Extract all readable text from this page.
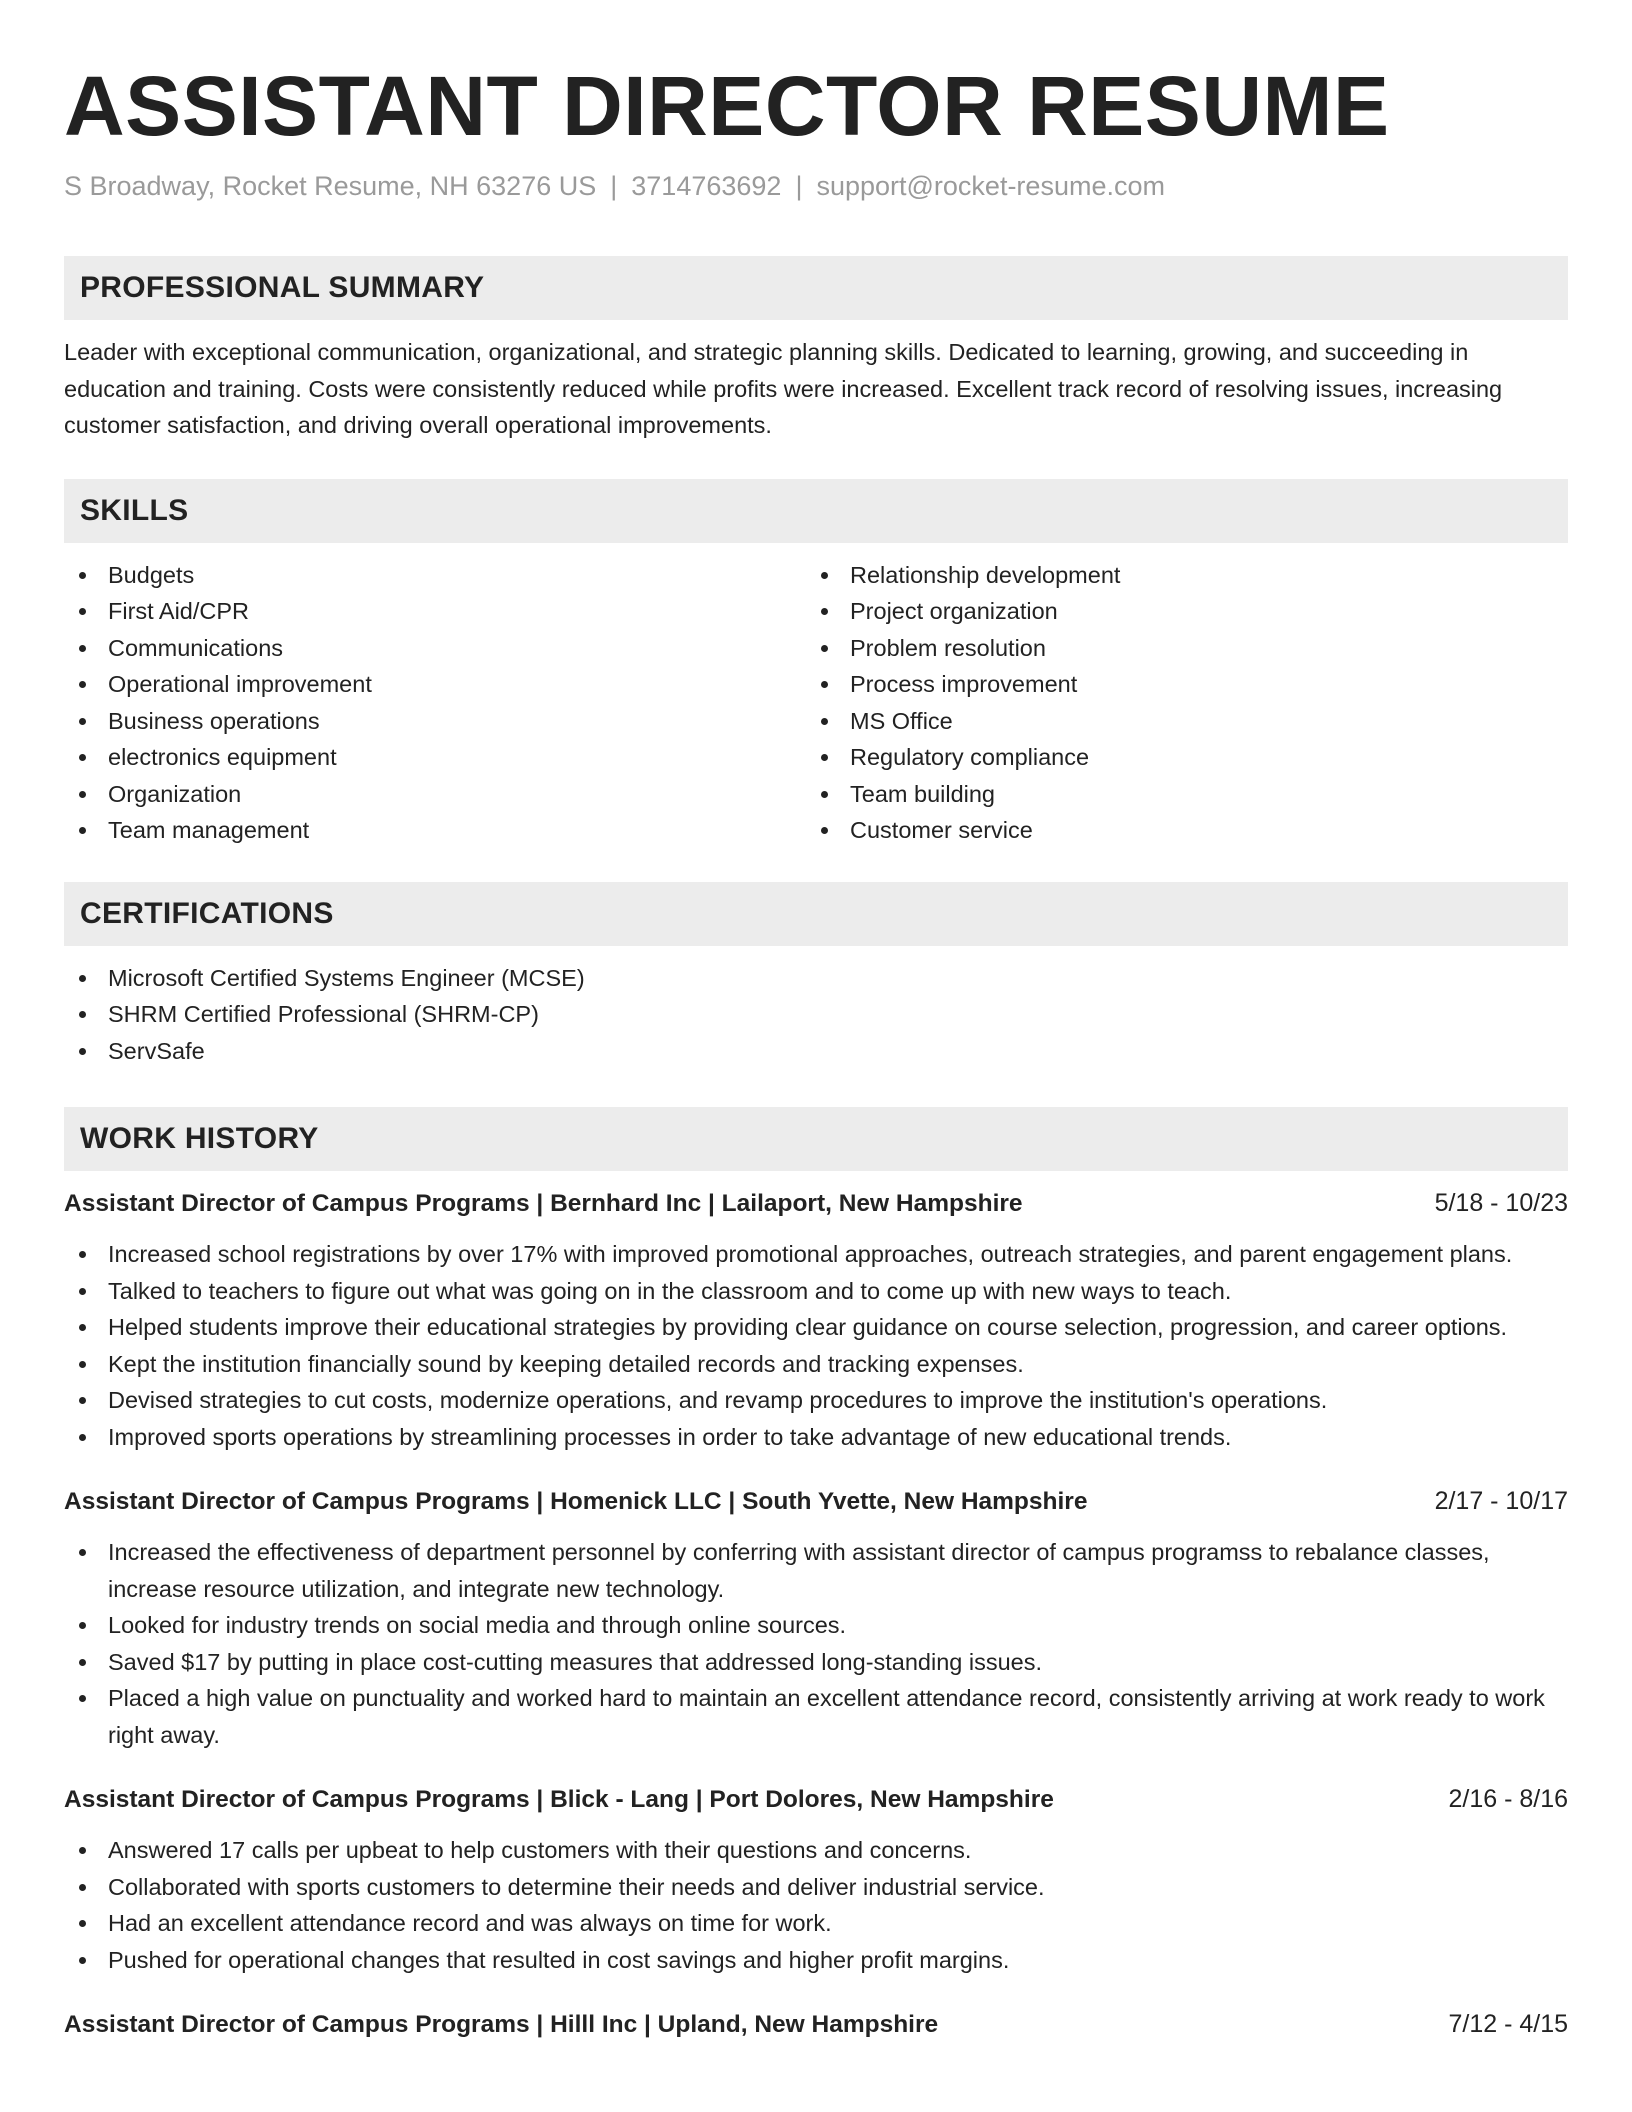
ASSISTANT DIRECTOR RESUME
S Broadway, Rocket Resume, NH 63276 US | 3714763692 | support@rocket-resume.com
PROFESSIONAL SUMMARY

Leader with exceptional communication, organizational, and strategic planning skills. Dedicated to learning, growing, and succeeding in education and training. Costs were consistently reduced while profits were increased. Excellent track record of resolving issues, increasing customer satisfaction, and driving overall operational improvements.

SKILLS
Budgets
First Aid/CPR
Communications
Operational improvement
Business operations
electronics equipment
Organization
Team management
Relationship development
Project organization
Problem resolution
Process improvement
MS Office
Regulatory compliance
Team building
Customer service
CERTIFICATIONS
Microsoft Certified Systems Engineer (MCSE)
SHRM Certified Professional (SHRM-CP)
ServSafe
WORK HISTORY
Assistant Director of Campus Programs | Bernhard Inc | Lailaport, New Hampshire	5/18 - 10/23
Increased school registrations by over 17% with improved promotional approaches, outreach strategies, and parent engagement plans.
Talked to teachers to figure out what was going on in the classroom and to come up with new ways to teach.
Helped students improve their educational strategies by providing clear guidance on course selection, progression, and career options.
Kept the institution financially sound by keeping detailed records and tracking expenses.
Devised strategies to cut costs, modernize operations, and revamp procedures to improve the institution's operations.
Improved sports operations by streamlining processes in order to take advantage of new educational trends.
Assistant Director of Campus Programs | Homenick LLC | South Yvette, New Hampshire	2/17 - 10/17
Increased the effectiveness of department personnel by conferring with assistant director of campus programss to rebalance classes, increase resource utilization, and integrate new technology.
Looked for industry trends on social media and through online sources.
Saved $17 by putting in place cost-cutting measures that addressed long-standing issues.
Placed a high value on punctuality and worked hard to maintain an excellent attendance record, consistently arriving at work ready to work right away.
Assistant Director of Campus Programs | Blick - Lang | Port Dolores, New Hampshire	2/16 - 8/16
Answered 17 calls per upbeat to help customers with their questions and concerns.
Collaborated with sports customers to determine their needs and deliver industrial service.
Had an excellent attendance record and was always on time for work.
Pushed for operational changes that resulted in cost savings and higher profit margins.
Assistant Director of Campus Programs | Hilll Inc | Upland, New Hampshire	7/12 - 4/15
